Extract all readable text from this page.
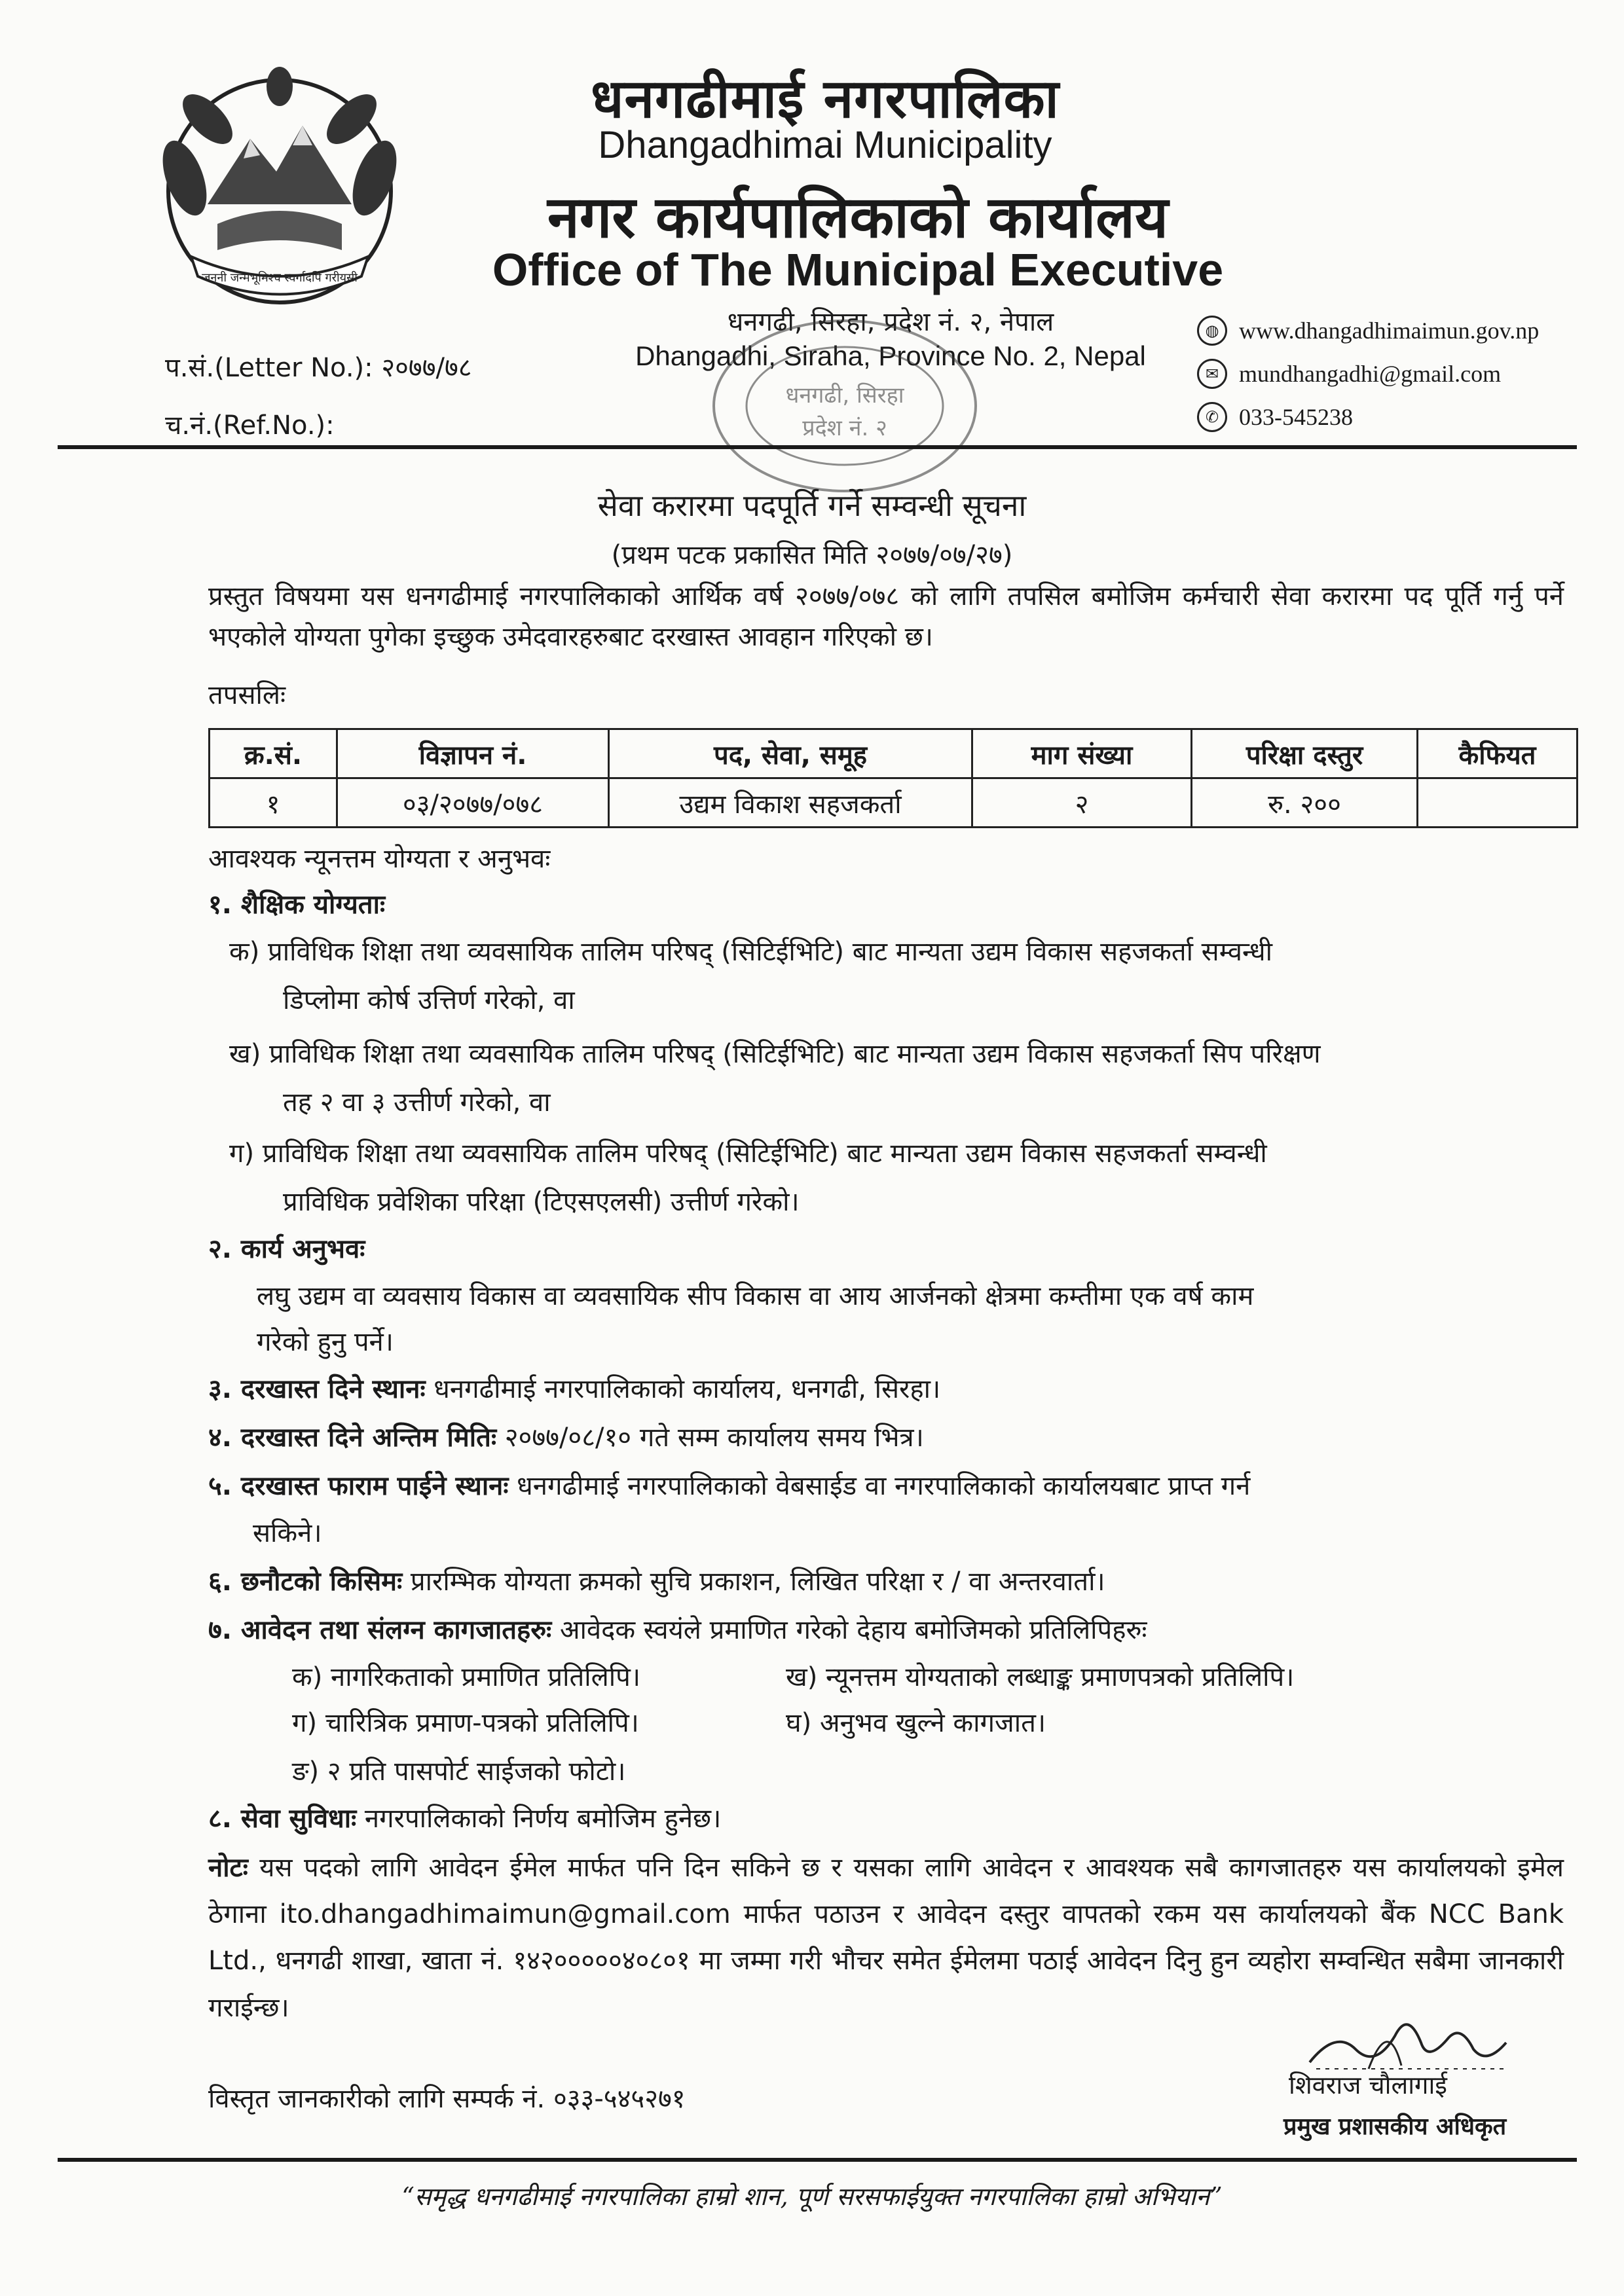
जननी जन्मभूमिश्च स्वर्गादपि गरीयसी
धनगढीमाई नगरपालिका
Dhangadhimai Municipality
नगर कार्यपालिकाको कार्यालय
Office of The Municipal Executive
धनगढी, सिरहा, प्रदेश नं. २, नेपाल
Dhangadhi, Siraha, Province No. 2, Nepal
धनगढी, सिरहा
प्रदेश नं. २
प.सं.(Letter No.): २०७७/७८
च.नं.(Ref.No.):
◍ www.dhangadhimaimun.gov.np
✉ mundhangadhi@gmail.com
✆ 033-545238
सेवा करारमा पदपूर्ति गर्ने सम्वन्धी सूचना
(प्रथम पटक प्रकासित मिति २०७७/०७/२७)
प्रस्तुत विषयमा यस धनगढीमाई नगरपालिकाको आर्थिक वर्ष २०७७/०७८ को लागि तपसिल बमोजिम कर्मचारी सेवा करारमा पद पूर्ति गर्नु पर्ने भएकोले योग्यता पुगेका इच्छुक उमेदवारहरुबाट दरखास्त आवहान गरिएको छ।
तपसलिः
क्र.सं.	विज्ञापन नं.	पद, सेवा, समूह	माग संख्या	परिक्षा दस्तुर	कैफियत
१	०३/२०७७/०७८	उद्यम विकाश सहजकर्ता	२	रु. २००	
आवश्यक न्यूनत्तम योग्यता र अनुभवः
१. शैक्षिक योग्यताः
क) प्राविधिक शिक्षा तथा व्यवसायिक तालिम परिषद् (सिटिईभिटि) बाट मान्यता उद्यम विकास सहजकर्ता सम्वन्धी
डिप्लोमा कोर्ष उत्तिर्ण गरेको, वा
ख) प्राविधिक शिक्षा तथा व्यवसायिक तालिम परिषद् (सिटिईभिटि) बाट मान्यता उद्यम विकास सहजकर्ता सिप परिक्षण
तह २ वा ३ उत्तीर्ण गरेको, वा
ग) प्राविधिक शिक्षा तथा व्यवसायिक तालिम परिषद् (सिटिईभिटि) बाट मान्यता उद्यम विकास सहजकर्ता सम्वन्धी
प्राविधिक प्रवेशिका परिक्षा (टिएसएलसी) उत्तीर्ण गरेको।
२. कार्य अनुभवः
लघु उद्यम वा व्यवसाय विकास वा व्यवसायिक सीप विकास वा आय आर्जनको क्षेत्रमा कम्तीमा एक वर्ष काम
गरेको हुनु पर्ने।
३. दरखास्त दिने स्थानः धनगढीमाई नगरपालिकाको कार्यालय, धनगढी, सिरहा।
४. दरखास्त दिने अन्तिम मितिः २०७७/०८/१० गते सम्म कार्यालय समय भित्र।
५. दरखास्त फाराम पाईने स्थानः धनगढीमाई नगरपालिकाको वेबसाईड वा नगरपालिकाको कार्यालयबाट प्राप्त गर्न
सकिने।
६. छनौटको किसिमः प्रारम्भिक योग्यता क्रमको सुचि प्रकाशन, लिखित परिक्षा र / वा अन्तरवार्ता।
७. आवेदन तथा संलग्न कागजातहरुः आवेदक स्वयंले प्रमाणित गरेको देहाय बमोजिमको प्रतिलिपिहरुः
क) नागरिकताको प्रमाणित प्रतिलिपि।	ख) न्यूनत्तम योग्यताको लब्धाङ्क प्रमाणपत्रको प्रतिलिपि।
ग) चारित्रिक प्रमाण-पत्रको प्रतिलिपि।	घ) अनुभव खुल्ने कागजात।
ङ) २ प्रति पासपोर्ट साईजको फोटो।
८. सेवा सुविधाः नगरपालिकाको निर्णय बमोजिम हुनेछ।
नोटः यस पदको लागि आवेदन ईमेल मार्फत पनि दिन सकिने छ र यसका लागि आवेदन र आवश्यक सबै कागजातहरु यस कार्यालयको इमेल ठेगाना ito.dhangadhimaimun@gmail.com मार्फत पठाउन र आवेदन दस्तुर वापतको रकम यस कार्यालयको बैंक NCC Bank Ltd., धनगढी शाखा, खाता नं. १४२०००००४०८०१ मा जम्मा गरी भौचर समेत ईमेलमा पठाई आवेदन दिनु हुन व्यहोरा सम्वन्धित सबैमा जानकारी गराईन्छ।
विस्तृत जानकारीको लागि सम्पर्क नं. ०३३-५४५२७१	शिवराज चौलागाई
प्रमुख प्रशासकीय अधिकृत
“समृद्ध धनगढीमाई नगरपालिका हाम्रो शान, पूर्ण सरसफाईयुक्त नगरपालिका हाम्रो अभियान”
